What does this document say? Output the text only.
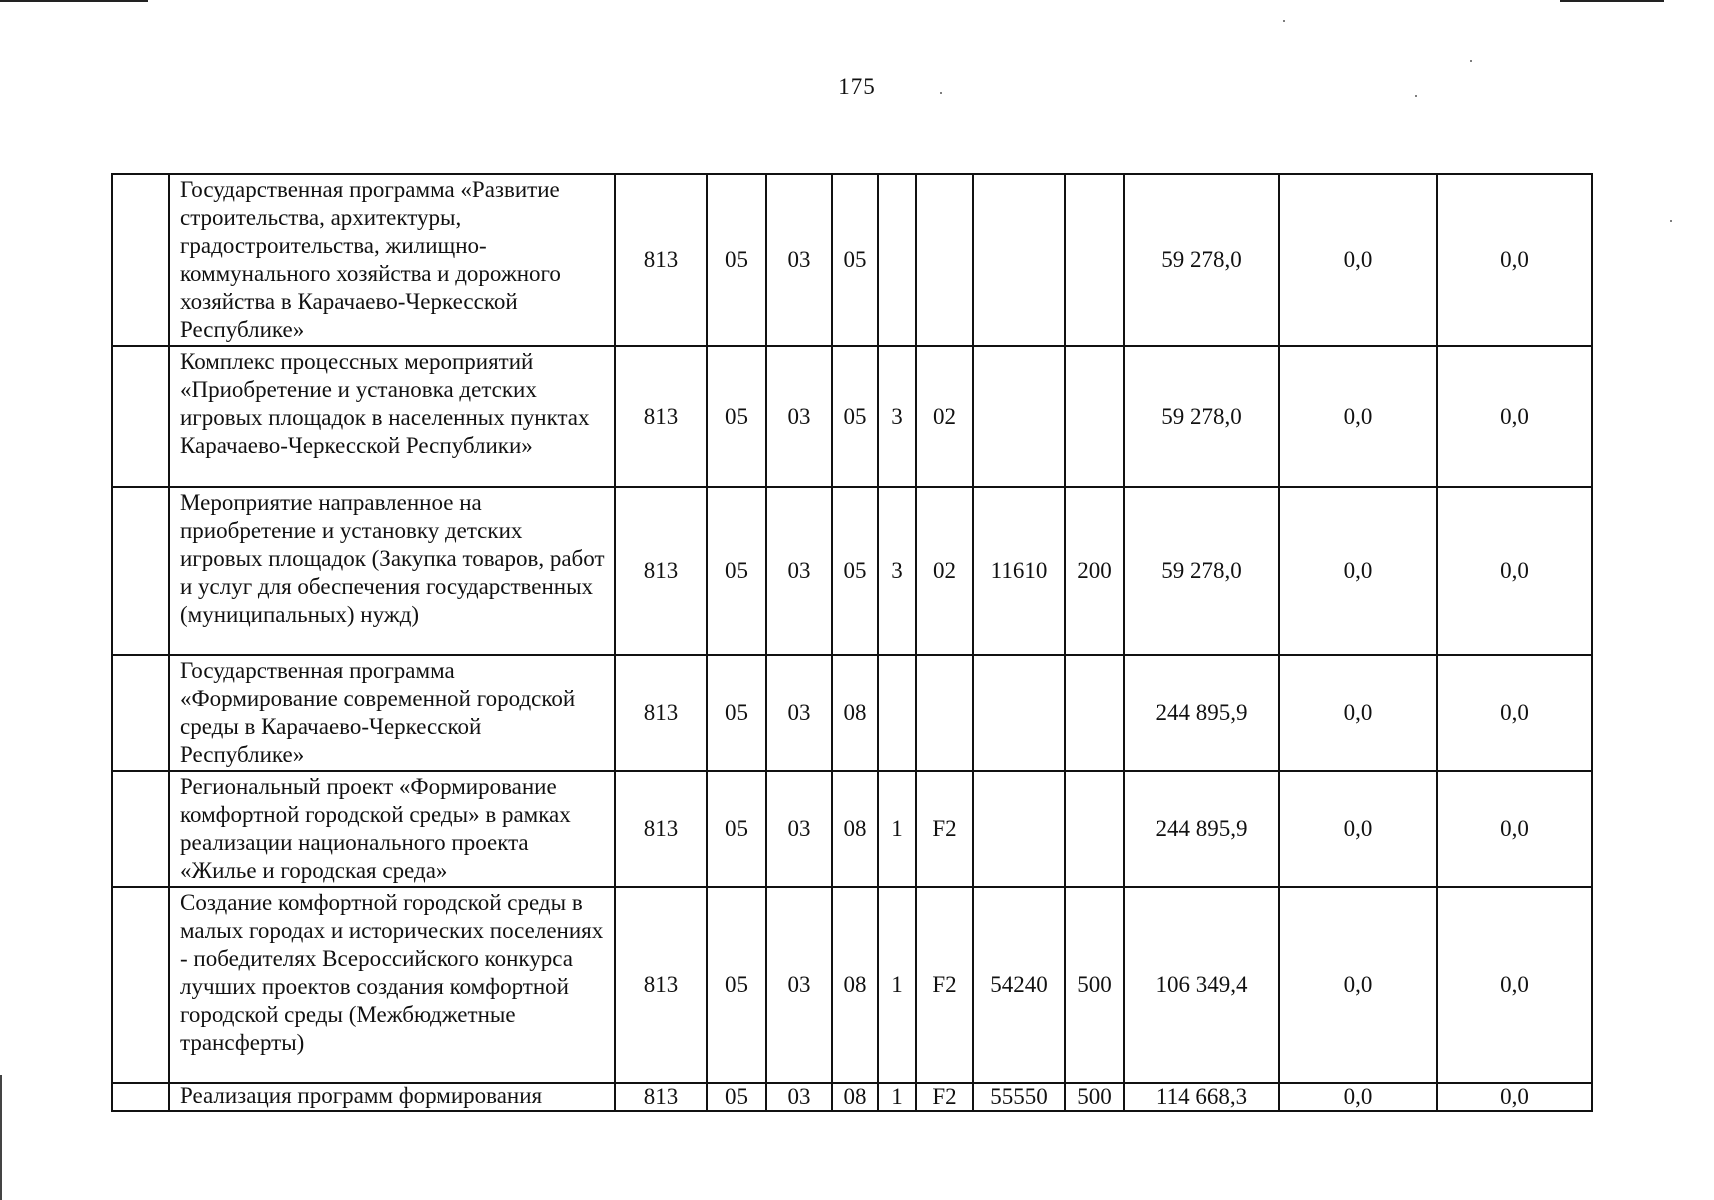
175
	Государственная программа «Развитие строительства, архитектуры, градостроительства, жилищно-коммунального хозяйства и дорожного хозяйства в Карачаево-Черкесской Республике»	813	05	03	05					59 278,0	0,0	0,0
	Комплекс процессных мероприятий «Приобретение и установка детских игровых площадок в населенных пунктах Карачаево-Черкесской Республики»	813	05	03	05	3	02			59 278,0	0,0	0,0
	Мероприятие направленное на приобретение и установку детских игровых площадок (Закупка товаров, работ и услуг для обеспечения государственных (муниципальных) нужд)	813	05	03	05	3	02	11610	200	59 278,0	0,0	0,0
	Государственная программа «Формирование современной городской среды в Карачаево-Черкесской Республике»	813	05	03	08					244 895,9	0,0	0,0
	Региональный проект «Формирование комфортной городской среды» в рамках реализации национального проекта «Жилье и городская среда»	813	05	03	08	1	F2			244 895,9	0,0	0,0
	Создание комфортной городской среды в малых городах и исторических поселениях - победителях Всероссийского конкурса лучших проектов создания комфортной городской среды (Межбюджетные трансферты)	813	05	03	08	1	F2	54240	500	106 349,4	0,0	0,0
	Реализация программ формирования	813	05	03	08	1	F2	55550	500	114 668,3	0,0	0,0
